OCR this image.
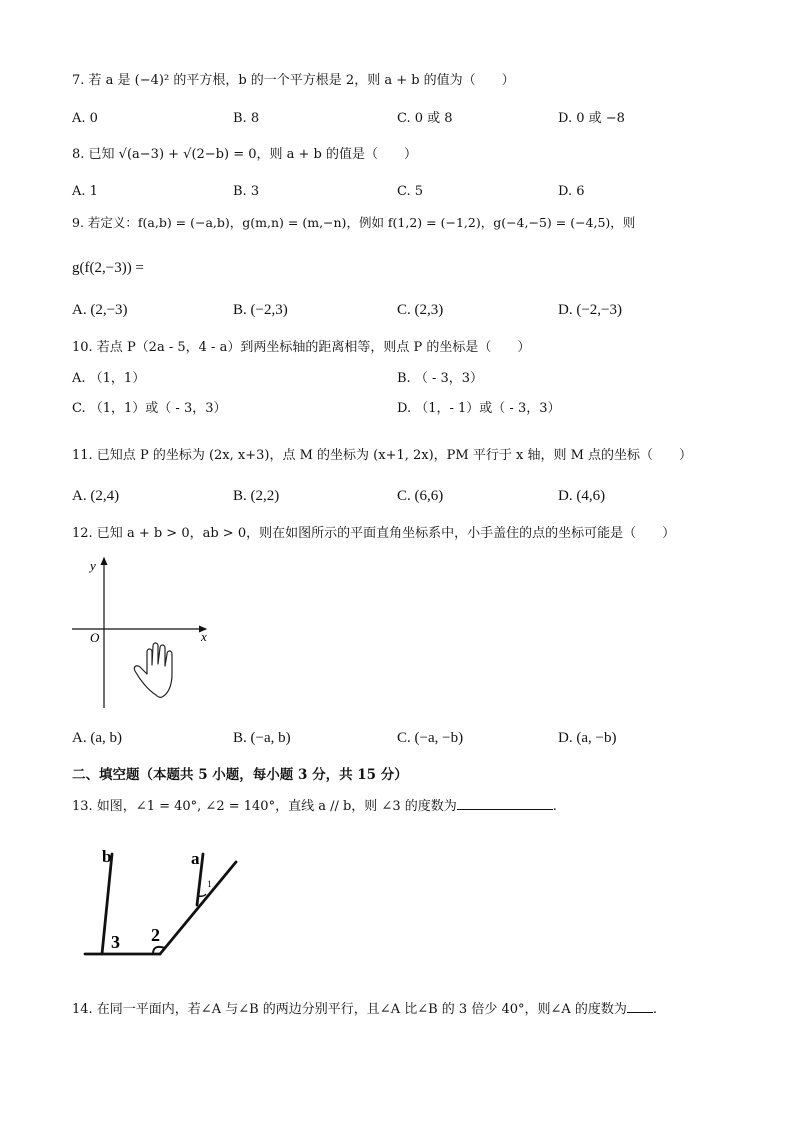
7. 若 a 是 (−4)² 的平方根，b 的一个平方根是 2，则 a + b 的值为（　　）
A. 0	B. 8	C. 0 或 8	D. 0 或 −8
8. 已知 √(a−3) + √(2−b) = 0，则 a + b 的值是（　　）
A. 1	B. 3	C. 5	D. 6
9. 若定义：f(a,b) = (−a,b)，g(m,n) = (m,−n)，例如 f(1,2) = (−1,2)，g(−4,−5) = (−4,5)，则
g(f(2,−3)) =
A. (2,−3)	B. (−2,3)	C. (2,3)	D. (−2,−3)
10. 若点 P（2a - 5，4 - a）到两坐标轴的距离相等，则点 P 的坐标是（　　）
A. （1，1）	B. （ - 3，3）
C. （1，1）或（ - 3，3）	D. （1，- 1）或（ - 3，3）
11. 已知点 P 的坐标为 (2x, x+3)，点 M 的坐标为 (x+1, 2x)，PM 平行于 x 轴，则 M 点的坐标（　　）
A. (2,4)	B. (2,2)	C. (6,6)	D. (4,6)
12. 已知 a + b > 0，ab > 0，则在如图所示的平面直角坐标系中，小手盖住的点的坐标可能是（　　）
y
x
O
A. (a, b)	B. (−a, b)	C. (−a, −b)	D. (a, −b)
二、填空题（本题共 5 小题，每小题 3 分，共 15 分）
13. 如图，∠1 = 40°, ∠2 = 140°，直线 a // b，则 ∠3 的度数为	.
b	a
1
2
3
14. 在同一平面内，若∠A 与∠B 的两边分别平行，且∠A 比∠B 的 3 倍少 40°，则∠A 的度数为 .
